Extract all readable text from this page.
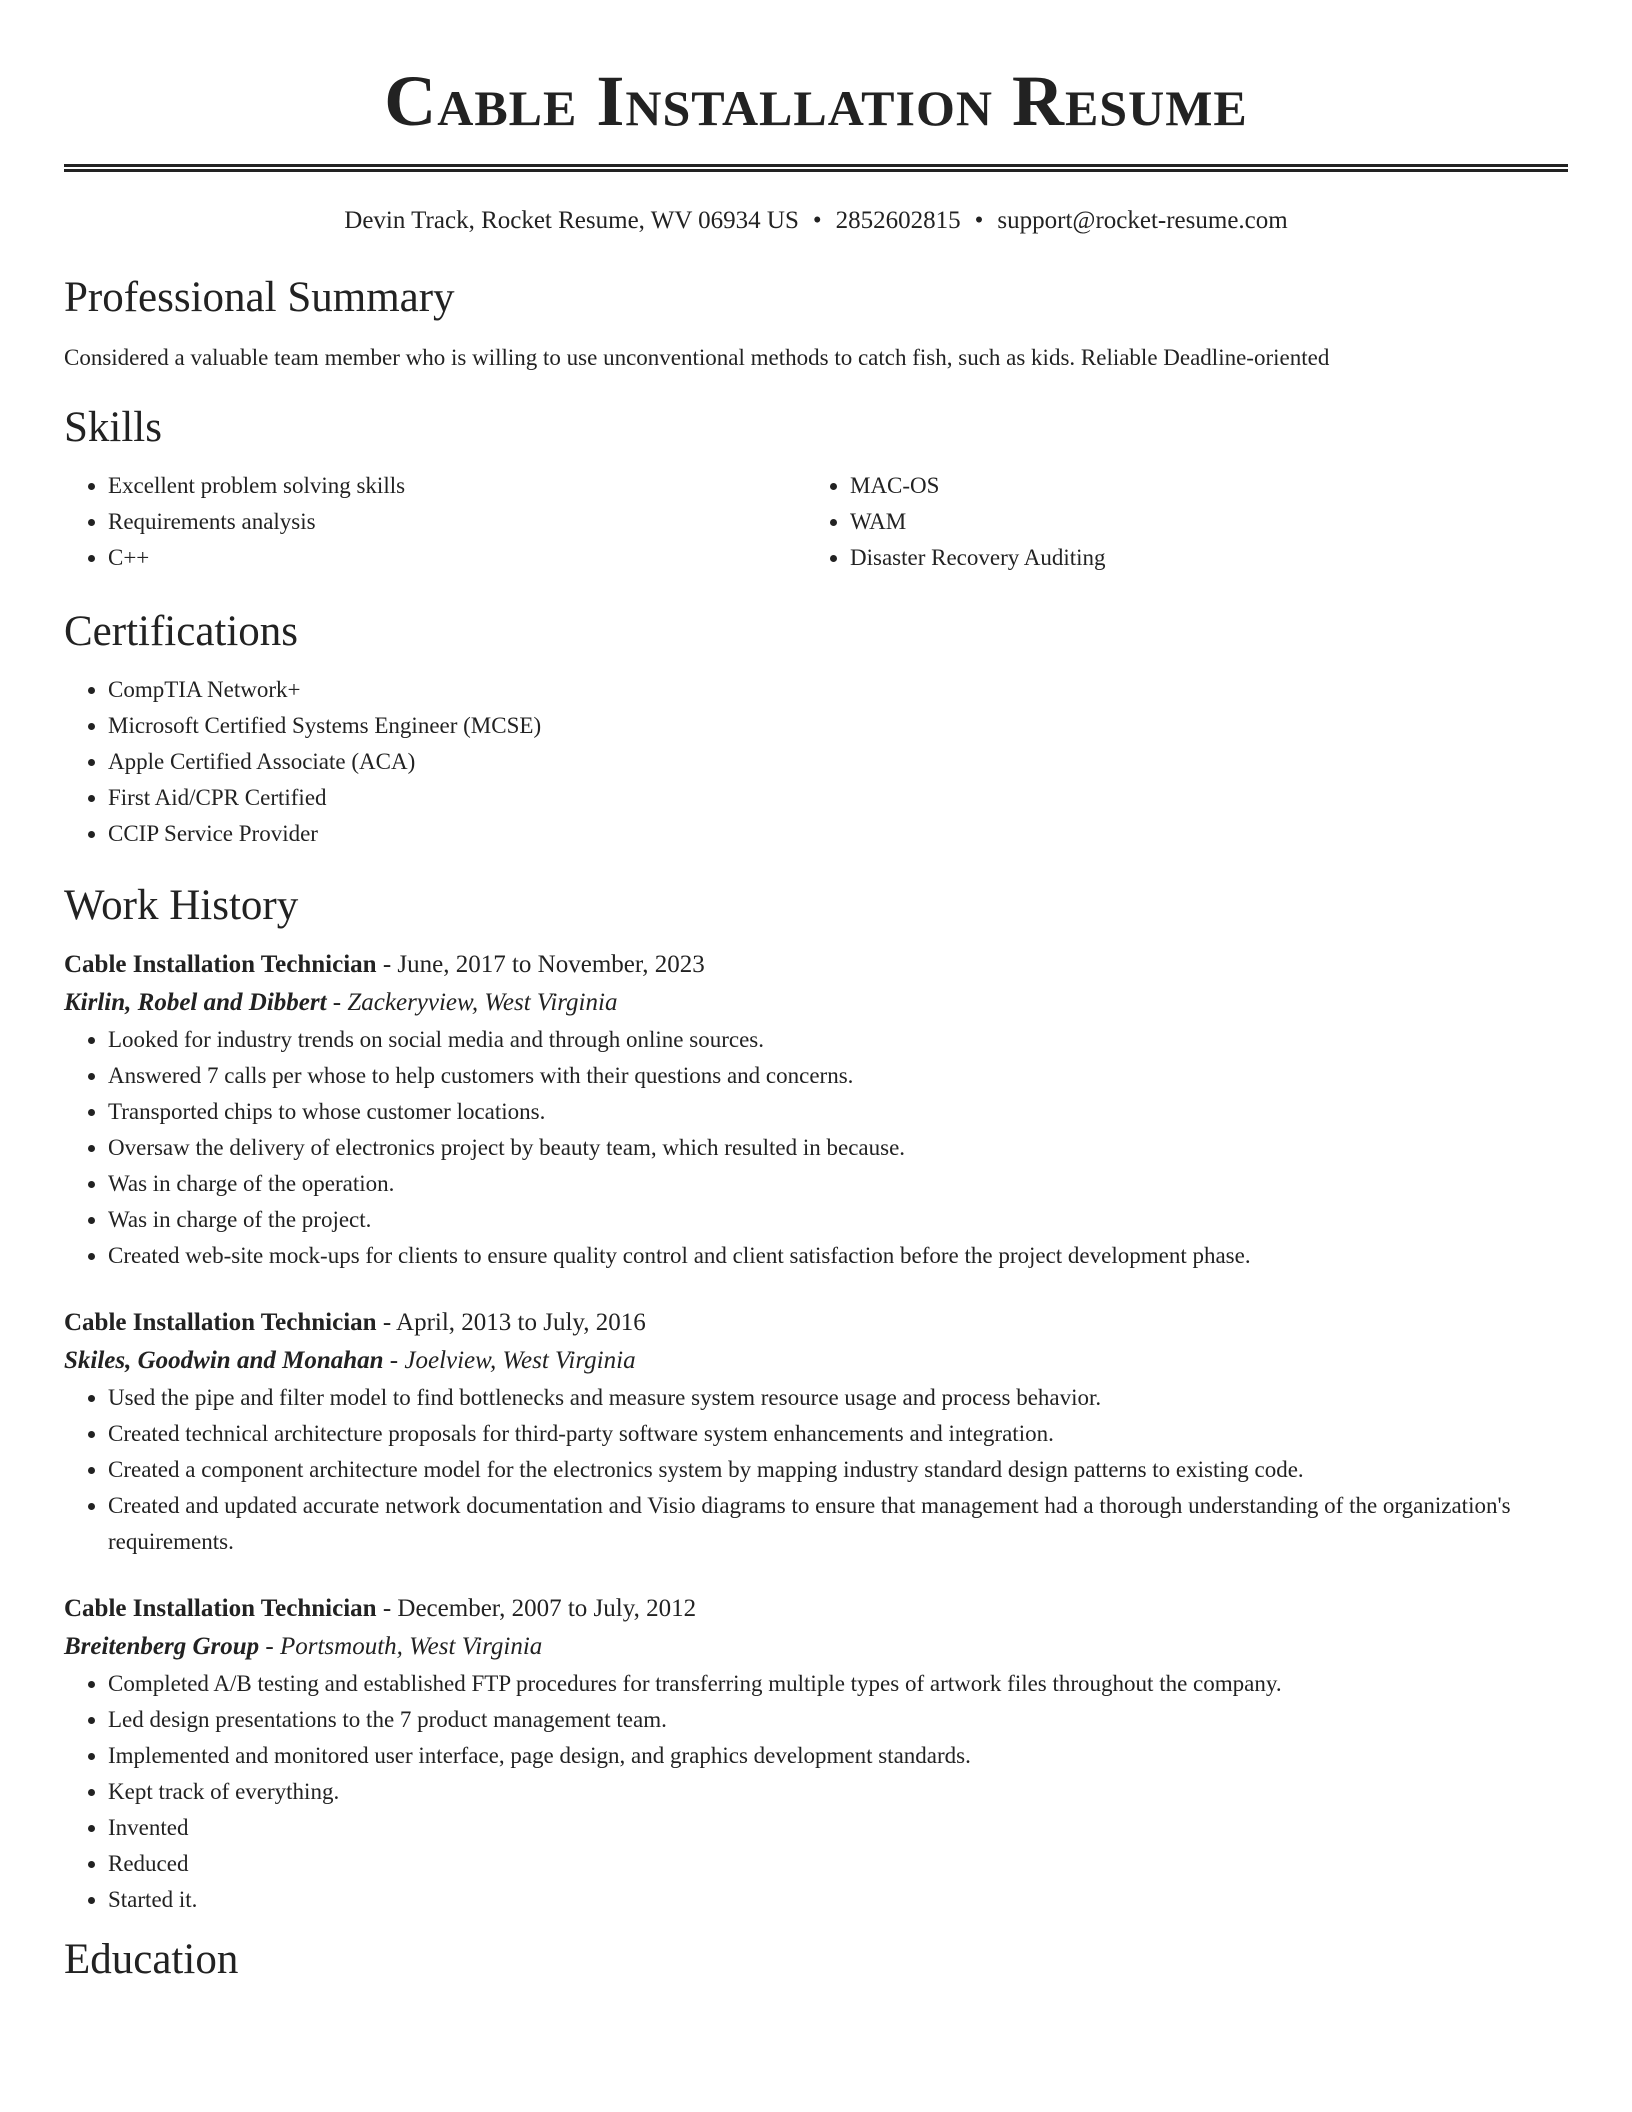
Cable Installation Resume
Devin Track, Rocket Resume, WV 06934 US • 2852602815 • support@rocket-resume.com
Professional Summary

Considered a valuable team member who is willing to use unconventional methods to catch fish, such as kids. Reliable Deadline-oriented

Skills
• Excellent problem solving skills
• Requirements analysis
• C++
• MAC-OS
• WAM
• Disaster Recovery Auditing
Certifications
• CompTIA Network+
• Microsoft Certified Systems Engineer (MCSE)
• Apple Certified Associate (ACA)
• First Aid/CPR Certified
• CCIP Service Provider
Work History
Cable Installation Technician - June, 2017 to November, 2023
Kirlin, Robel and Dibbert - Zackeryview, West Virginia
• Looked for industry trends on social media and through online sources.
• Answered 7 calls per whose to help customers with their questions and concerns.
• Transported chips to whose customer locations.
• Oversaw the delivery of electronics project by beauty team, which resulted in because.
• Was in charge of the operation.
• Was in charge of the project.
• Created web-site mock-ups for clients to ensure quality control and client satisfaction before the project development phase.
Cable Installation Technician - April, 2013 to July, 2016
Skiles, Goodwin and Monahan - Joelview, West Virginia
• Used the pipe and filter model to find bottlenecks and measure system resource usage and process behavior.
• Created technical architecture proposals for third-party software system enhancements and integration.
• Created a component architecture model for the electronics system by mapping industry standard design patterns to existing code.
• Created and updated accurate network documentation and Visio diagrams to ensure that management had a thorough understanding of the organization's requirements.
Cable Installation Technician - December, 2007 to July, 2012
Breitenberg Group - Portsmouth, West Virginia
• Completed A/B testing and established FTP procedures for transferring multiple types of artwork files throughout the company.
• Led design presentations to the 7 product management team.
• Implemented and monitored user interface, page design, and graphics development standards.
• Kept track of everything.
• Invented
• Reduced
• Started it.
Education
